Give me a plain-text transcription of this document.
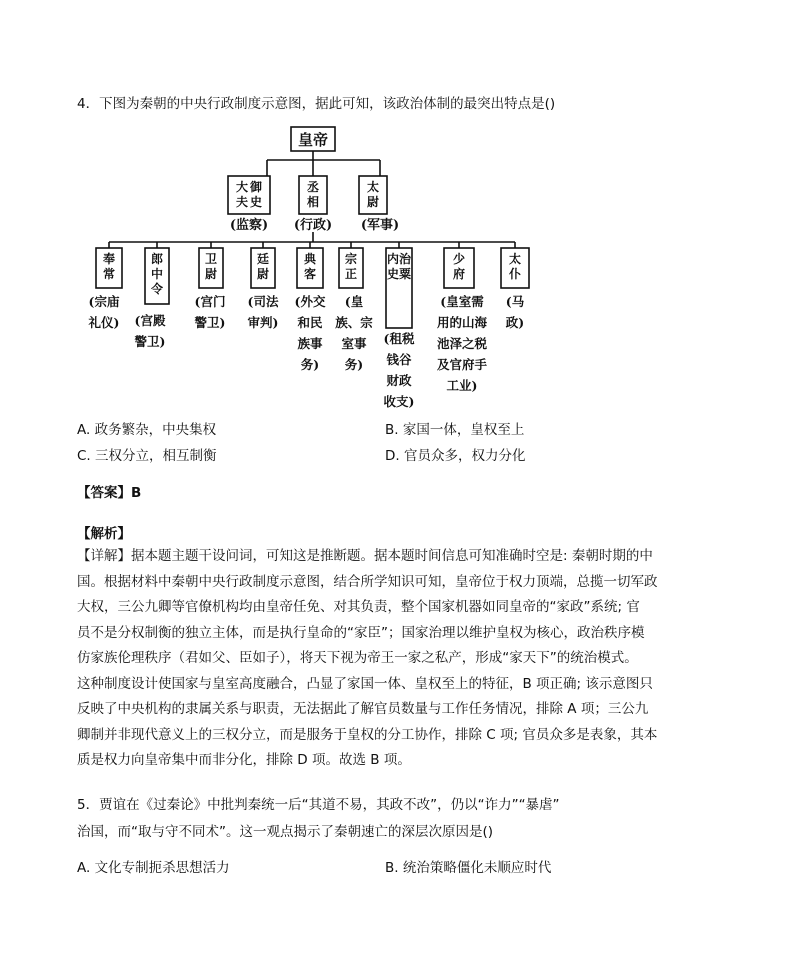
4．下图为秦朝的中央行政制度示意图，据此可知，该政治体制的最突出特点是()
皇帝
御史大夫
丞相
太尉
(监察) (行政) (军事)
奉常
郎中令
卫尉
廷尉
典客
宗正
治粟内史
少府
太仆
(宗庙礼仪) (宫殿警卫)
(宫门警卫)
(司法审判)
(外交和民族事务)
(皇族、宗室事务)
(租税钱谷财政收支)
(皇室需用的山海池泽之税及官府手工业)
(马政)
A. 政务繁杂，中央集权	B. 家国一体，皇权至上
C. 三权分立，相互制衡	D. 官员众多，权力分化
【答案】B
【解析】

【详解】据本题主题干设问词，可知这是推断题。据本题时间信息可知准确时空是: 秦朝时期的中

国。根据材料中秦朝中央行政制度示意图，结合所学知识可知，皇帝位于权力顶端，总揽一切军政

大权，三公九卿等官僚机构均由皇帝任免、对其负责，整个国家机器如同皇帝的“家政”系统; 官

员不是分权制衡的独立主体，而是执行皇命的“家臣”；国家治理以维护皇权为核心，政治秩序模

仿家族伦理秩序（君如父、臣如子），将天下视为帝王一家之私产，形成“家天下”的统治模式。

这种制度设计使国家与皇室高度融合，凸显了家国一体、皇权至上的特征，B 项正确; 该示意图只

反映了中央机构的隶属关系与职责，无法据此了解官员数量与工作任务情况，排除 A 项；三公九

卿制并非现代意义上的三权分立，而是服务于皇权的分工协作，排除 C 项; 官员众多是表象，其本

质是权力向皇帝集中而非分化，排除 D 项。故选 B 项。

5．贾谊在《过秦论》中批判秦统一后“其道不易，其政不改”，仍以“诈力”“暴虐”
治国，而“取与守不同术”。这一观点揭示了秦朝速亡的深层次原因是()
A. 文化专制扼杀思想活力	B. 统治策略僵化未顺应时代
